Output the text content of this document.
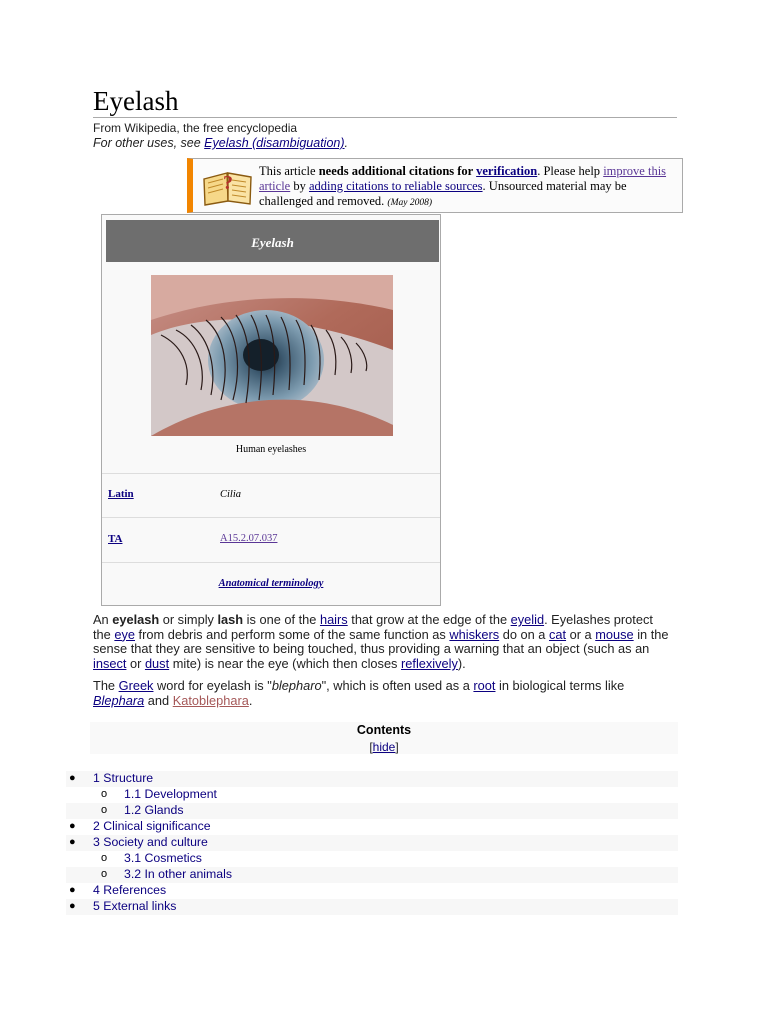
Eyelash
From Wikipedia, the free encyclopedia
For other uses, see Eyelash (disambiguation).
?
This article needs additional citations for verification. Please help improve this article by adding citations to reliable sources. Unsourced material may be challenged and removed. (May 2008)
Eyelash
Human eyelashes
Latin	Cilia
TA	A15.2.07.037
Anatomical terminology
An eyelash or simply lash is one of the hairs that grow at the edge of the eyelid. Eyelashes protect the eye from debris and perform some of the same function as whiskers do on a cat or a mouse in the sense that they are sensitive to being touched, thus providing a warning that an object (such as an insect or dust mite) is near the eye (which then closes reflexively).
The Greek word for eyelash is "blepharo", which is often used as a root in biological terms like Blephara and Katoblephara.
Contents
[hide]
● 1 Structure
o 1.1 Development
o 1.2 Glands
● 2 Clinical significance
● 3 Society and culture
o 3.1 Cosmetics
o 3.2 In other animals
● 4 References
● 5 External links
